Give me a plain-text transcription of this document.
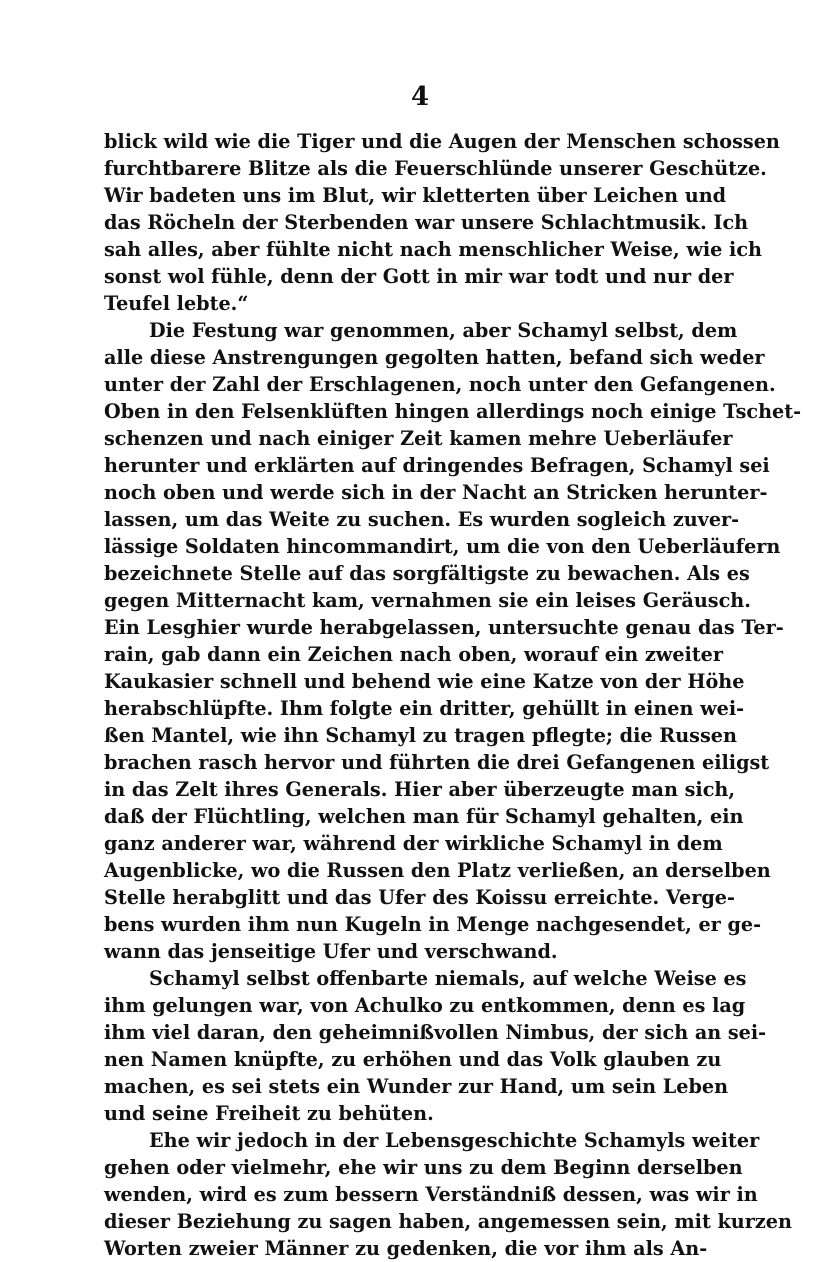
4
blick wild wie die Tiger und die Augen der Menschen schossen
furchtbarere Blitze als die Feuerschlünde unserer Geschütze.
Wir badeten uns im Blut, wir kletterten über Leichen und
das Röcheln der Sterbenden war unsere Schlachtmusik. Ich
sah alles, aber fühlte nicht nach menschlicher Weise, wie ich
sonst wol fühle, denn der Gott in mir war todt und nur der
Teufel lebte.“
Die Festung war genommen, aber Schamyl selbst, dem
alle diese Anstrengungen gegolten hatten, befand sich weder
unter der Zahl der Erschlagenen, noch unter den Gefangenen.
Oben in den Felsenklüften hingen allerdings noch einige Tschet-
schenzen und nach einiger Zeit kamen mehre Ueberläufer
herunter und erklärten auf dringendes Befragen, Schamyl sei
noch oben und werde sich in der Nacht an Stricken herunter-
lassen, um das Weite zu suchen. Es wurden sogleich zuver-
lässige Soldaten hincommandirt, um die von den Ueberläufern
bezeichnete Stelle auf das sorgfältigste zu bewachen. Als es
gegen Mitternacht kam, vernahmen sie ein leises Geräusch.
Ein Lesghier wurde herabgelassen, untersuchte genau das Ter-
rain, gab dann ein Zeichen nach oben, worauf ein zweiter
Kaukasier schnell und behend wie eine Katze von der Höhe
herabschlüpfte. Ihm folgte ein dritter, gehüllt in einen wei-
ßen Mantel, wie ihn Schamyl zu tragen pflegte; die Russen
brachen rasch hervor und führten die drei Gefangenen eiligst
in das Zelt ihres Generals. Hier aber überzeugte man sich,
daß der Flüchtling, welchen man für Schamyl gehalten, ein
ganz anderer war, während der wirkliche Schamyl in dem
Augenblicke, wo die Russen den Platz verließen, an derselben
Stelle herabglitt und das Ufer des Koissu erreichte. Verge-
bens wurden ihm nun Kugeln in Menge nachgesendet, er ge-
wann das jenseitige Ufer und verschwand.
Schamyl selbst offenbarte niemals, auf welche Weise es
ihm gelungen war, von Achulko zu entkommen, denn es lag
ihm viel daran, den geheimnißvollen Nimbus, der sich an sei-
nen Namen knüpfte, zu erhöhen und das Volk glauben zu
machen, es sei stets ein Wunder zur Hand, um sein Leben
und seine Freiheit zu behüten.
Ehe wir jedoch in der Lebensgeschichte Schamyls weiter
gehen oder vielmehr, ehe wir uns zu dem Beginn derselben
wenden, wird es zum bessern Verständniß dessen, was wir in
dieser Beziehung zu sagen haben, angemessen sein, mit kurzen
Worten zweier Männer zu gedenken, die vor ihm als An-
